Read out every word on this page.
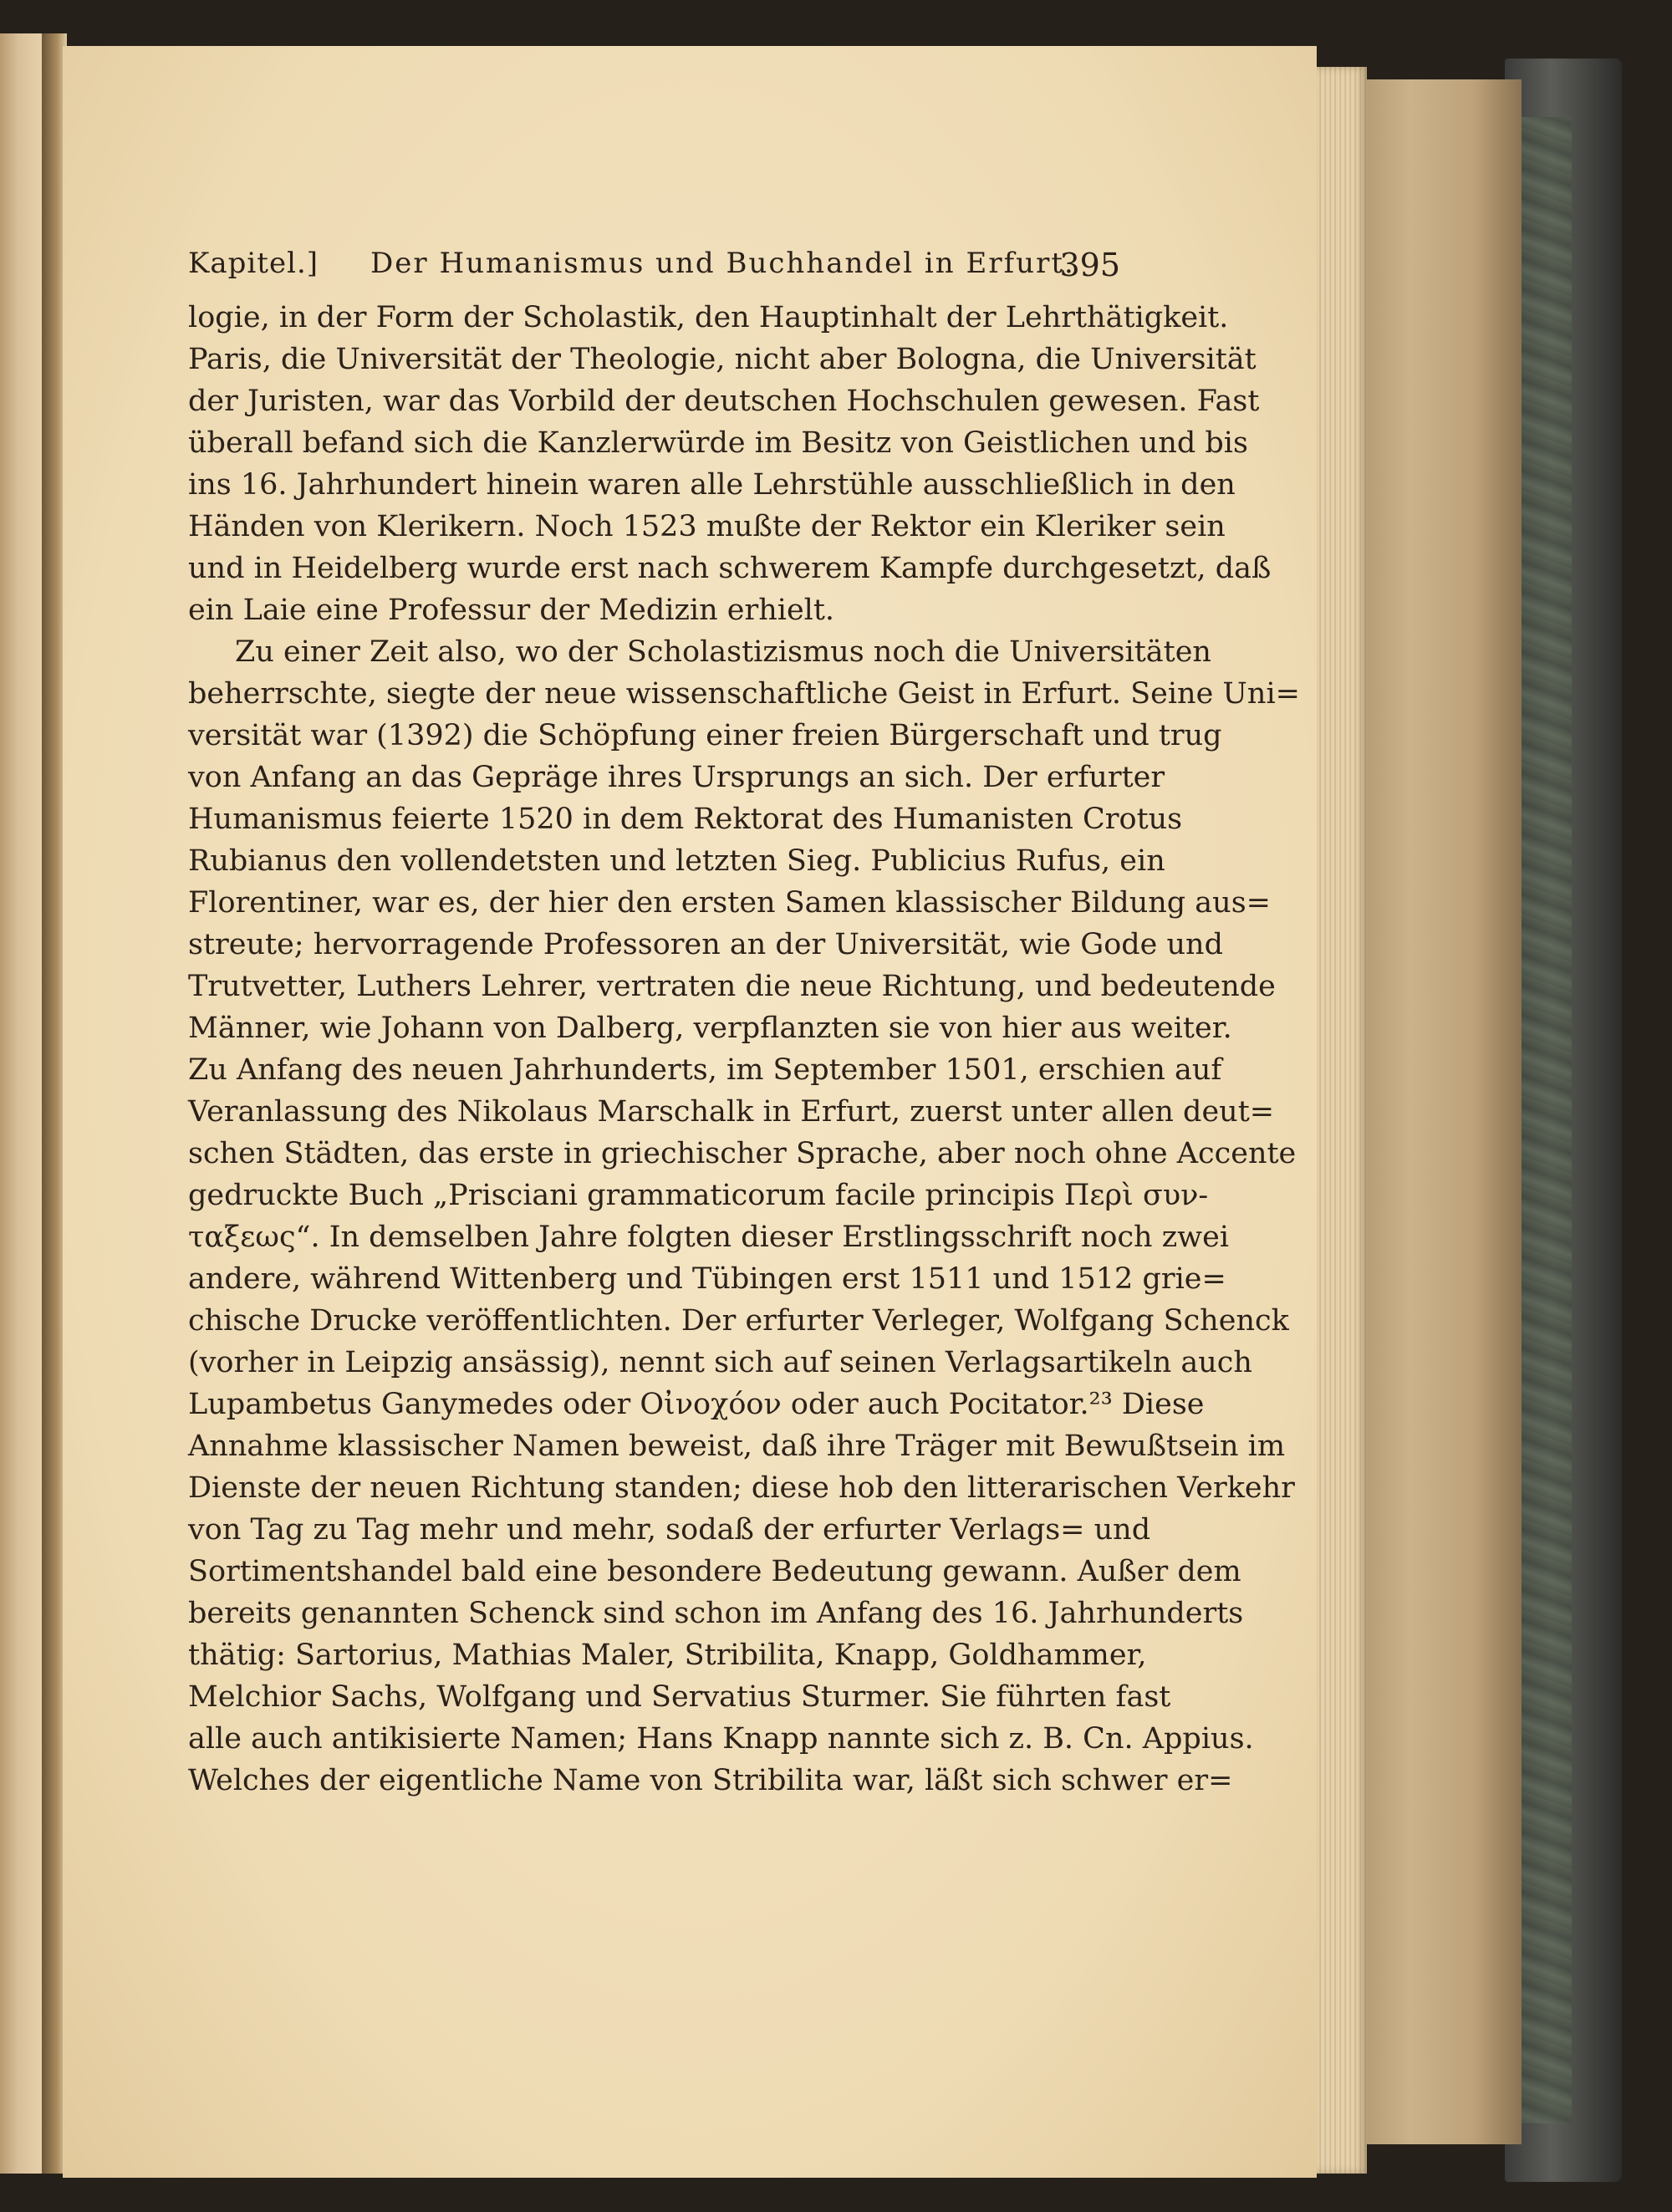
Kapitel.] Der Humanismus und Buchhandel in Erfurt.
395
logie, in der Form der Scholastik, den Hauptinhalt der Lehrthätigkeit.
Paris, die Universität der Theologie, nicht aber Bologna, die Universität
der Juristen, war das Vorbild der deutschen Hochschulen gewesen. Fast
überall befand sich die Kanzlerwürde im Besitz von Geistlichen und bis
ins 16. Jahrhundert hinein waren alle Lehrstühle ausschließlich in den
Händen von Klerikern. Noch 1523 mußte der Rektor ein Kleriker sein
und in Heidelberg wurde erst nach schwerem Kampfe durchgesetzt, daß
ein Laie eine Professur der Medizin erhielt.
Zu einer Zeit also, wo der Scholastizismus noch die Universitäten
beherrschte, siegte der neue wissenschaftliche Geist in Erfurt. Seine Uni=
versität war (1392) die Schöpfung einer freien Bürgerschaft und trug
von Anfang an das Gepräge ihres Ursprungs an sich. Der erfurter
Humanismus feierte 1520 in dem Rektorat des Humanisten Crotus
Rubianus den vollendetsten und letzten Sieg. Publicius Rufus, ein
Florentiner, war es, der hier den ersten Samen klassischer Bildung aus=
streute; hervorragende Professoren an der Universität, wie Gode und
Trutvetter, Luthers Lehrer, vertraten die neue Richtung, und bedeutende
Männer, wie Johann von Dalberg, verpflanzten sie von hier aus weiter.
Zu Anfang des neuen Jahrhunderts, im September 1501, erschien auf
Veranlassung des Nikolaus Marschalk in Erfurt, zuerst unter allen deut=
schen Städten, das erste in griechischer Sprache, aber noch ohne Accente
gedruckte Buch „Prisciani grammaticorum facile principis Περὶ συν-
ταξεως“. In demselben Jahre folgten dieser Erstlingsschrift noch zwei
andere, während Wittenberg und Tübingen erst 1511 und 1512 grie=
chische Drucke veröffentlichten. Der erfurter Verleger, Wolfgang Schenck
(vorher in Leipzig ansässig), nennt sich auf seinen Verlagsartikeln auch
Lupambetus Ganymedes oder Οἰνοχόον oder auch Pocitator.²³ Diese
Annahme klassischer Namen beweist, daß ihre Träger mit Bewußtsein im
Dienste der neuen Richtung standen; diese hob den litterarischen Verkehr
von Tag zu Tag mehr und mehr, sodaß der erfurter Verlags= und
Sortimentshandel bald eine besondere Bedeutung gewann. Außer dem
bereits genannten Schenck sind schon im Anfang des 16. Jahrhunderts
thätig: Sartorius, Mathias Maler, Stribilita, Knapp, Goldhammer,
Melchior Sachs, Wolfgang und Servatius Sturmer. Sie führten fast
alle auch antikisierte Namen; Hans Knapp nannte sich z. B. Cn. Appius.
Welches der eigentliche Name von Stribilita war, läßt sich schwer er=
